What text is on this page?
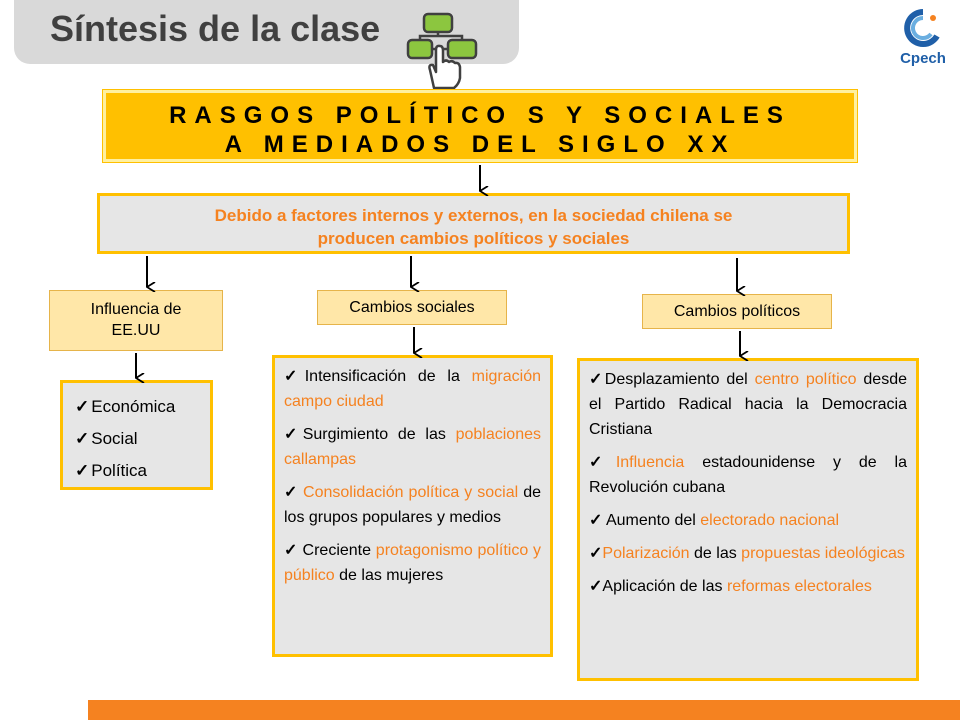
Síntesis de la clase
Cpech
RASGOS POLÍTICO S Y SOCIALES
A MEDIADOS DEL SIGLO XX
Debido a factores internos y externos, en la sociedad chilena se
producen cambios políticos y sociales
Influencia de
EE.UU
Cambios sociales	Cambios políticos
✓ Económica
✓ Social
✓ Política
✓Intensificación de la migración campo ciudad
✓Surgimiento de las poblaciones callampas
✓ Consolidación política y social de los grupos populares y medios
✓ Creciente protagonismo político y público de las mujeres
✓Desplazamiento del centro político desde el Partido Radical hacia la Democracia Cristiana
✓Influencia estadounidense y de la Revolución cubana
✓ Aumento del electorado nacional
✓Polarización de las propuestas ideológicas
✓Aplicación de las reformas electorales
